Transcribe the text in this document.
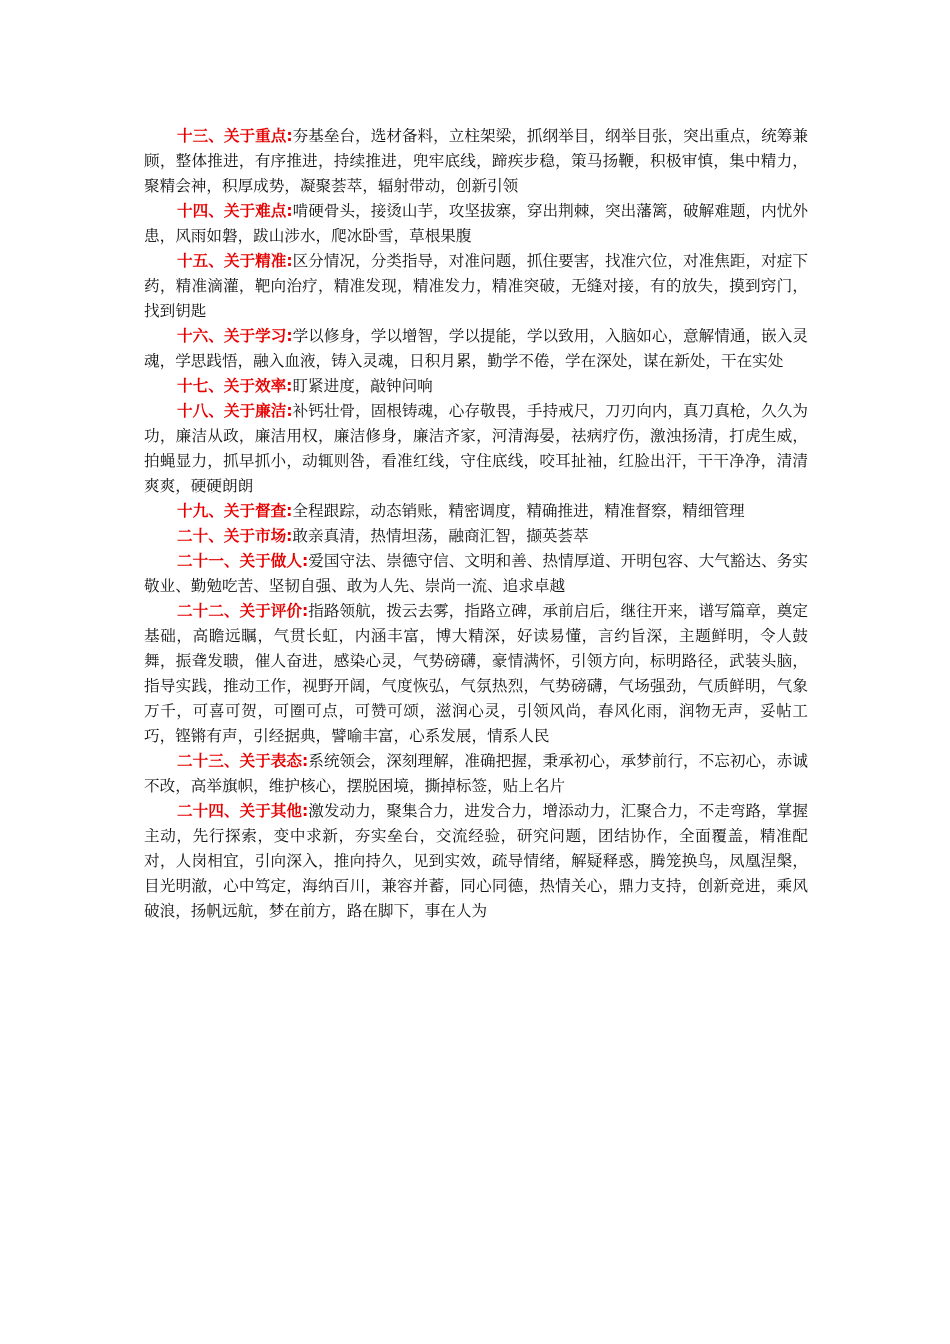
十三、关于重点:夯基垒台，选材备料，立柱架梁，抓纲举目，纲举目张，突出重点，统筹兼顾，整体推进，有序推进，持续推进，兜牢底线，蹄疾步稳，策马扬鞭，积极审慎，集中精力，聚精会神，积厚成势，凝聚荟萃，辐射带动，创新引领

十四、关于难点:啃硬骨头，接烫山芋，攻坚拔寨，穿出荆棘，突出藩篱，破解难题，内忧外患，风雨如磐，跋山涉水，爬冰卧雪，草根果腹

十五、关于精准:区分情况，分类指导，对准问题，抓住要害，找准穴位，对准焦距，对症下药，精准滴灌，靶向治疗，精准发现，精准发力，精准突破，无缝对接，有的放失，摸到窍门，找到钥匙

十六、关于学习:学以修身，学以增智，学以提能，学以致用，入脑如心，意解情通，嵌入灵魂，学思践悟，融入血液，铸入灵魂，日积月累，勤学不倦，学在深处，谋在新处，干在实处

十七、关于效率:盯紧进度，敲钟问响

十八、关于廉洁:补钙壮骨，固根铸魂，心存敬畏，手持戒尺，刀刃向内，真刀真枪，久久为功，廉洁从政，廉洁用权，廉洁修身，廉洁齐家，河清海晏，祛病疗伤，激浊扬清，打虎生威，拍蝇显力，抓早抓小，动辄则咎，看准红线，守住底线，咬耳扯袖，红脸出汗，干干净净，清清爽爽，硬硬朗朗

十九、关于督查:全程跟踪，动态销账，精密调度，精确推进，精准督察，精细管理

二十、关于市场:敢亲真清，热情坦荡，融商汇智，撷英荟萃

二十一、关于做人:爱国守法、崇德守信、文明和善、热情厚道、开明包容、大气豁达、务实敬业、勤勉吃苦、坚韧自强、敢为人先、崇尚一流、追求卓越

二十二、关于评价:指路领航，拨云去雾，指路立碑，承前启后，继往开来，谱写篇章，奠定基础，高瞻远瞩，气贯长虹，内涵丰富，博大精深，好读易懂，言约旨深，主题鲜明，令人鼓舞，振聋发聩，催人奋进，感染心灵，气势磅礴，豪情满怀，引领方向，标明路径，武装头脑，指导实践，推动工作，视野开阔，气度恢弘，气氛热烈，气势磅礴，气场强劲，气质鲜明，气象万千，可喜可贺，可圈可点，可赞可颂，滋润心灵，引领风尚，春风化雨，润物无声，妥帖工巧，铿锵有声，引经据典，譬喻丰富，心系发展，情系人民

二十三、关于表态:系统领会，深刻理解，准确把握，秉承初心，承梦前行，不忘初心，赤诚不改，高举旗帜，维护核心，摆脱困境，撕掉标签，贴上名片

二十四、关于其他:激发动力，聚集合力，进发合力，增添动力，汇聚合力，不走弯路，掌握主动，先行探索，变中求新，夯实垒台，交流经验，研究问题，团结协作，全面覆盖，精准配对，人岗相宜，引向深入，推向持久，见到实效，疏导情绪，解疑释惑，腾笼换鸟，凤凰涅槃，目光明澈，心中笃定，海纳百川，兼容并蓄，同心同德，热情关心，鼎力支持，创新竞进，乘风破浪，扬帆远航，梦在前方，路在脚下，事在人为
